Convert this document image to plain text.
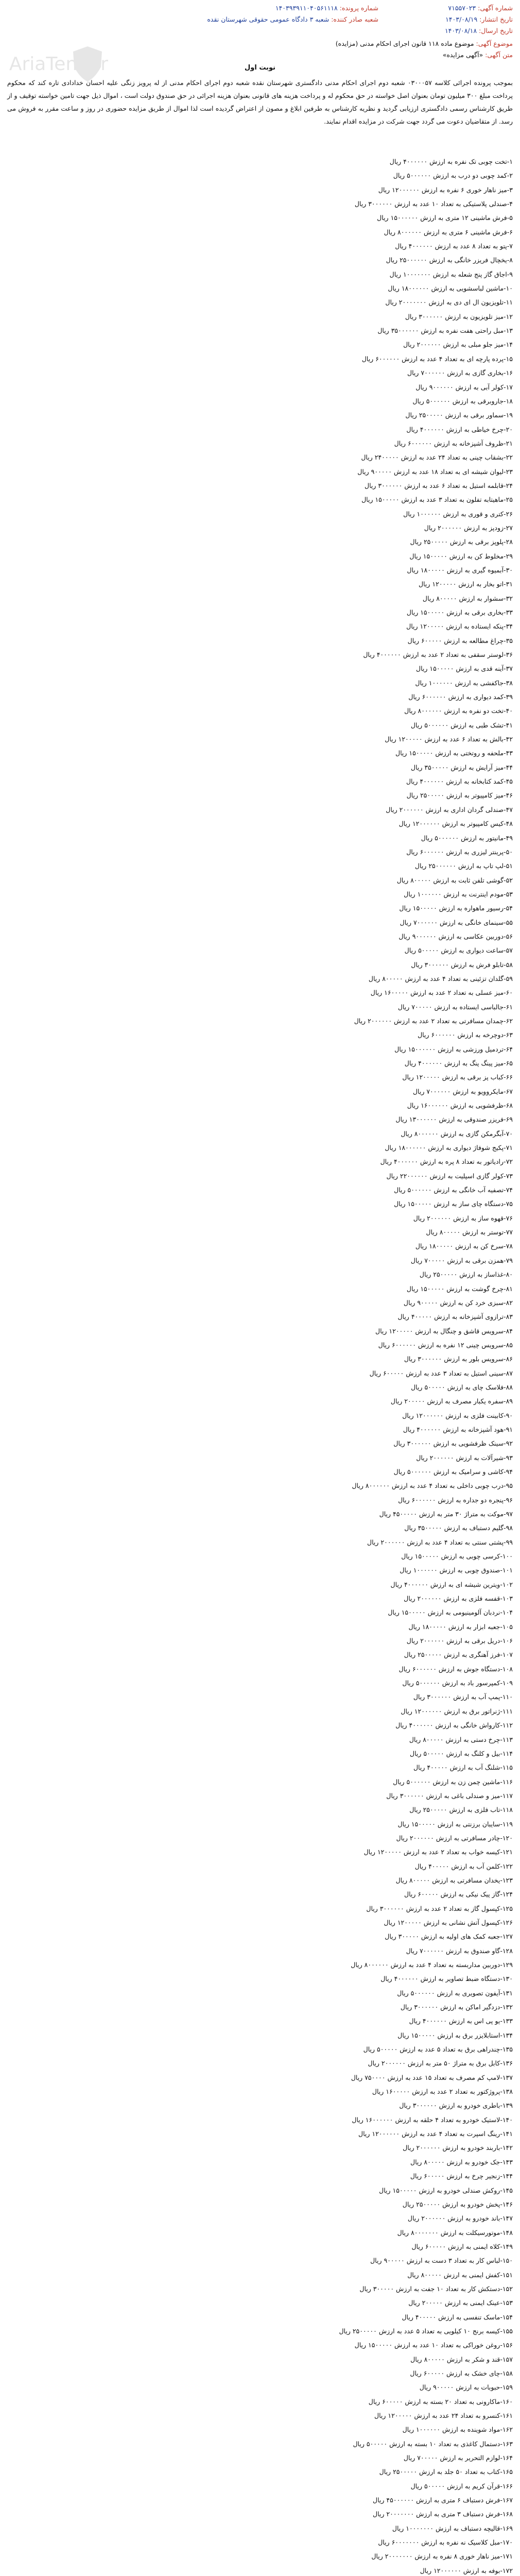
شماره آگهی: ۷۱۵۵۷۰۲۳
شماره پرونده: ۱۴۰۳۹۳۹۱۱۰۴۰۵۶۱۱۱۸
تاریخ انتشار: ۱۴۰۳/۰۸/۱۹
شعبه صادر کننده: شعبه ۳ دادگاه عمومی حقوقی شهرستان نقده
تاریخ ارسال: ۱۴۰۳/۰۸/۱۸
AriaTender
موضوع آگهی: موضوع ماده ۱۱۸ قانون اجرای احکام مدنی (مزایده)
متن آگهی: «آگهی مزایده»
نوبت اول
بموجب پرونده اجرائی کلاسه ۰۳۰۰۰۵۷ شعبه دوم اجرای احکام مدنی دادگستری شهرستان نقده شعبه دوم اجرای احکام مدنی از له پرویز زنگی علیه احسان خدادادی تاره کند که محکوم پرداخت مبلغ ۳۰۰ میلیون تومان بعنوان اصل خواسته در حق محکوم له و پرداخت هزینه های قانونی بعنوان هزینه اجرائی در حق صندوق دولت است ، اموال ذیل جهت تامین خواسته توقیف و از طریق کارشناس رسمی دادگستری ارزیابی گردید و نظریه کارشناس به طرفین ابلاغ و مصون از اعتراض گردیده است لذا اموال از طریق مزایده حضوری در روز و ساعت مقرر به فروش می رسد. از متقاضیان دعوت می گردد جهت شرکت در مزایده اقدام نمایند.
۱-تخت چوبی تک نفره به ارزش ۴۰۰۰۰۰۰ ریال
۲-کمد چوبی دو درب به ارزش ۵۰۰۰۰۰۰ ریال
۳-میز ناهار خوری ۶ نفره به ارزش ۱۲۰۰۰۰۰۰ ریال
۴-صندلی پلاستیکی به تعداد ۱۰ عدد به ارزش ۳۰۰۰۰۰۰ ریال
۵-فرش ماشینی ۱۲ متری به ارزش ۱۵۰۰۰۰۰۰ ریال
۶-فرش ماشینی ۶ متری به ارزش ۸۰۰۰۰۰۰ ریال
۷-پتو به تعداد ۸ عدد به ارزش ۴۰۰۰۰۰۰ ریال
۸-یخچال فریزر خانگی به ارزش ۲۵۰۰۰۰۰۰ ریال
۹-اجاق گاز پنج شعله به ارزش ۱۰۰۰۰۰۰۰ ریال
۱۰-ماشین لباسشویی به ارزش ۱۸۰۰۰۰۰۰ ریال
۱۱-تلویزیون ال ای دی به ارزش ۲۰۰۰۰۰۰۰ ریال
۱۲-میز تلویزیون به ارزش ۳۰۰۰۰۰۰ ریال
۱۳-مبل راحتی هفت نفره به ارزش ۳۵۰۰۰۰۰۰ ریال
۱۴-میز جلو مبلی به ارزش ۲۰۰۰۰۰۰ ریال
۱۵-پرده پارچه ای به تعداد ۴ عدد به ارزش ۶۰۰۰۰۰۰ ریال
۱۶-بخاری گازی به ارزش ۷۰۰۰۰۰۰ ریال
۱۷-کولر آبی به ارزش ۹۰۰۰۰۰۰ ریال
۱۸-جاروبرقی به ارزش ۵۰۰۰۰۰۰ ریال
۱۹-سماور برقی به ارزش ۲۵۰۰۰۰۰ ریال
۲۰-چرخ خیاطی به ارزش ۴۰۰۰۰۰۰ ریال
۲۱-ظروف آشپزخانه به ارزش ۶۰۰۰۰۰۰ ریال
۲۲-بشقاب چینی به تعداد ۲۴ عدد به ارزش ۲۴۰۰۰۰۰ ریال
۲۳-لیوان شیشه ای به تعداد ۱۸ عدد به ارزش ۹۰۰۰۰۰ ریال
۲۴-قابلمه استیل به تعداد ۶ عدد به ارزش ۳۰۰۰۰۰۰ ریال
۲۵-ماهیتابه تفلون به تعداد ۳ عدد به ارزش ۱۵۰۰۰۰۰ ریال
۲۶-کتری و قوری به ارزش ۱۰۰۰۰۰۰ ریال
۲۷-زودپز به ارزش ۲۰۰۰۰۰۰ ریال
۲۸-پلوپز برقی به ارزش ۲۵۰۰۰۰۰ ریال
۲۹-مخلوط کن به ارزش ۱۵۰۰۰۰۰ ریال
۳۰-آبمیوه گیری به ارزش ۱۸۰۰۰۰۰ ریال
۳۱-اتو بخار به ارزش ۱۲۰۰۰۰۰ ریال
۳۲-سشوار به ارزش ۸۰۰۰۰۰ ریال
۳۳-بخاری برقی به ارزش ۱۵۰۰۰۰۰ ریال
۳۴-پنکه ایستاده به ارزش ۱۲۰۰۰۰۰ ریال
۳۵-چراغ مطالعه به ارزش ۶۰۰۰۰۰ ریال
۳۶-لوستر سقفی به تعداد ۲ عدد به ارزش ۴۰۰۰۰۰۰ ریال
۳۷-آینه قدی به ارزش ۱۵۰۰۰۰۰ ریال
۳۸-جاکفشی به ارزش ۱۰۰۰۰۰۰ ریال
۳۹-کمد دیواری به ارزش ۶۰۰۰۰۰۰ ریال
۴۰-تخت دو نفره به ارزش ۸۰۰۰۰۰۰ ریال
۴۱-تشک طبی به ارزش ۵۰۰۰۰۰۰ ریال
۴۲-بالش به تعداد ۶ عدد به ارزش ۱۲۰۰۰۰۰ ریال
۴۳-ملحفه و روتختی به ارزش ۱۵۰۰۰۰۰ ریال
۴۴-میز آرایش به ارزش ۳۵۰۰۰۰۰ ریال
۴۵-کمد کتابخانه به ارزش ۴۰۰۰۰۰۰ ریال
۴۶-میز کامپیوتر به ارزش ۲۵۰۰۰۰۰ ریال
۴۷-صندلی گردان اداری به ارزش ۲۰۰۰۰۰۰ ریال
۴۸-کیس کامپیوتر به ارزش ۱۲۰۰۰۰۰۰ ریال
۴۹-مانیتور به ارزش ۵۰۰۰۰۰۰ ریال
۵۰-پرینتر لیزری به ارزش ۶۰۰۰۰۰۰ ریال
۵۱-لپ تاپ به ارزش ۲۵۰۰۰۰۰۰ ریال
۵۲-گوشی تلفن ثابت به ارزش ۸۰۰۰۰۰ ریال
۵۳-مودم اینترنت به ارزش ۱۰۰۰۰۰۰ ریال
۵۴-رسیور ماهواره به ارزش ۱۵۰۰۰۰۰ ریال
۵۵-سینمای خانگی به ارزش ۷۰۰۰۰۰۰ ریال
۵۶-دوربین عکاسی به ارزش ۹۰۰۰۰۰۰ ریال
۵۷-ساعت دیواری به ارزش ۵۰۰۰۰۰ ریال
۵۸-تابلو فرش به ارزش ۳۰۰۰۰۰۰ ریال
۵۹-گلدان تزئینی به تعداد ۴ عدد به ارزش ۸۰۰۰۰۰ ریال
۶۰-میز عسلی به تعداد ۲ عدد به ارزش ۱۶۰۰۰۰۰ ریال
۶۱-جالباسی ایستاده به ارزش ۷۰۰۰۰۰ ریال
۶۲-چمدان مسافرتی به تعداد ۲ عدد به ارزش ۲۰۰۰۰۰۰ ریال
۶۳-دوچرخه به ارزش ۶۰۰۰۰۰۰ ریال
۶۴-تردمیل ورزشی به ارزش ۱۵۰۰۰۰۰۰ ریال
۶۵-میز پینگ پنگ به ارزش ۴۰۰۰۰۰۰ ریال
۶۶-کباب پز برقی به ارزش ۱۲۰۰۰۰۰ ریال
۶۷-مایکروویو به ارزش ۷۰۰۰۰۰۰ ریال
۶۸-ظرفشویی به ارزش ۱۶۰۰۰۰۰۰ ریال
۶۹-فریزر صندوقی به ارزش ۱۳۰۰۰۰۰۰ ریال
۷۰-آبگرمکن گازی به ارزش ۸۰۰۰۰۰۰ ریال
۷۱-پکیج شوفاژ دیواری به ارزش ۱۸۰۰۰۰۰۰ ریال
۷۲-رادیاتور به تعداد ۸ پره به ارزش ۴۰۰۰۰۰۰ ریال
۷۳-کولر گازی اسپلیت به ارزش ۲۲۰۰۰۰۰۰ ریال
۷۴-تصفیه آب خانگی به ارزش ۵۰۰۰۰۰۰ ریال
۷۵-دستگاه چای ساز به ارزش ۱۵۰۰۰۰۰ ریال
۷۶-قهوه ساز به ارزش ۲۰۰۰۰۰۰ ریال
۷۷-توستر به ارزش ۸۰۰۰۰۰ ریال
۷۸-سرخ کن به ارزش ۱۸۰۰۰۰۰ ریال
۷۹-همزن برقی به ارزش ۷۰۰۰۰۰ ریال
۸۰-غذاساز به ارزش ۲۵۰۰۰۰۰ ریال
۸۱-چرخ گوشت به ارزش ۱۵۰۰۰۰۰ ریال
۸۲-سبزی خرد کن به ارزش ۹۰۰۰۰۰ ریال
۸۳-ترازوی آشپزخانه به ارزش ۴۰۰۰۰۰ ریال
۸۴-سرویس قاشق و چنگال به ارزش ۱۲۰۰۰۰۰ ریال
۸۵-سرویس چینی ۱۲ نفره به ارزش ۶۰۰۰۰۰۰ ریال
۸۶-سرویس بلور به ارزش ۳۰۰۰۰۰۰ ریال
۸۷-سینی استیل به تعداد ۳ عدد به ارزش ۶۰۰۰۰۰ ریال
۸۸-فلاسک چای به ارزش ۵۰۰۰۰۰ ریال
۸۹-سفره یکبار مصرف به ارزش ۲۰۰۰۰۰ ریال
۹۰-کابینت فلزی به ارزش ۱۲۰۰۰۰۰۰ ریال
۹۱-هود آشپزخانه به ارزش ۴۰۰۰۰۰۰ ریال
۹۲-سینک ظرفشویی به ارزش ۳۰۰۰۰۰۰ ریال
۹۳-شیرآلات به ارزش ۲۰۰۰۰۰۰ ریال
۹۴-کاشی و سرامیک به ارزش ۵۰۰۰۰۰۰ ریال
۹۵-درب چوبی داخلی به تعداد ۴ عدد به ارزش ۸۰۰۰۰۰۰ ریال
۹۶-پنجره دو جداره به ارزش ۶۰۰۰۰۰۰ ریال
۹۷-موکت به متراژ ۳۰ متر به ارزش ۴۵۰۰۰۰۰ ریال
۹۸-گلیم دستباف به ارزش ۳۵۰۰۰۰۰ ریال
۹۹-پشتی سنتی به تعداد ۴ عدد به ارزش ۲۰۰۰۰۰۰ ریال
۱۰۰-کرسی چوبی به ارزش ۱۵۰۰۰۰۰ ریال
۱۰۱-صندوق چوبی به ارزش ۱۰۰۰۰۰۰ ریال
۱۰۲-ویترین شیشه ای به ارزش ۴۰۰۰۰۰۰ ریال
۱۰۳-قفسه فلزی به ارزش ۲۰۰۰۰۰۰ ریال
۱۰۴-نردبان آلومینیومی به ارزش ۱۵۰۰۰۰۰ ریال
۱۰۵-جعبه ابزار به ارزش ۱۸۰۰۰۰۰ ریال
۱۰۶-دریل برقی به ارزش ۲۰۰۰۰۰۰ ریال
۱۰۷-فرز آهنگری به ارزش ۲۵۰۰۰۰۰ ریال
۱۰۸-دستگاه جوش به ارزش ۶۰۰۰۰۰۰ ریال
۱۰۹-کمپرسور باد به ارزش ۵۰۰۰۰۰۰ ریال
۱۱۰-پمپ آب به ارزش ۳۰۰۰۰۰۰ ریال
۱۱۱-ژنراتور برق به ارزش ۱۲۰۰۰۰۰۰ ریال
۱۱۲-کارواش خانگی به ارزش ۴۰۰۰۰۰۰ ریال
۱۱۳-چرخ دستی به ارزش ۸۰۰۰۰۰ ریال
۱۱۴-بیل و کلنگ به ارزش ۵۰۰۰۰۰ ریال
۱۱۵-شلنگ آب به ارزش ۴۰۰۰۰۰ ریال
۱۱۶-ماشین چمن زن به ارزش ۵۰۰۰۰۰۰ ریال
۱۱۷-میز و صندلی باغی به ارزش ۳۰۰۰۰۰۰ ریال
۱۱۸-تاب فلزی به ارزش ۲۵۰۰۰۰۰ ریال
۱۱۹-سایبان برزنتی به ارزش ۱۵۰۰۰۰۰ ریال
۱۲۰-چادر مسافرتی به ارزش ۲۰۰۰۰۰۰ ریال
۱۲۱-کیسه خواب به تعداد ۲ عدد به ارزش ۱۲۰۰۰۰۰ ریال
۱۲۲-کلمن آب به ارزش ۴۰۰۰۰۰ ریال
۱۲۳-یخدان مسافرتی به ارزش ۸۰۰۰۰۰ ریال
۱۲۴-گاز پیک نیکی به ارزش ۶۰۰۰۰۰ ریال
۱۲۵-کپسول گاز به تعداد ۲ عدد به ارزش ۳۰۰۰۰۰۰ ریال
۱۲۶-کپسول آتش نشانی به ارزش ۱۲۰۰۰۰۰ ریال
۱۲۷-جعبه کمک های اولیه به ارزش ۳۰۰۰۰۰ ریال
۱۲۸-گاو صندوق به ارزش ۷۰۰۰۰۰۰ ریال
۱۲۹-دوربین مداربسته به تعداد ۴ عدد به ارزش ۸۰۰۰۰۰۰ ریال
۱۳۰-دستگاه ضبط تصاویر به ارزش ۴۰۰۰۰۰۰ ریال
۱۳۱-آیفون تصویری به ارزش ۵۰۰۰۰۰۰ ریال
۱۳۲-دزدگیر اماکن به ارزش ۳۰۰۰۰۰۰ ریال
۱۳۳-یو پی اس به ارزش ۴۰۰۰۰۰۰ ریال
۱۳۴-استابلایزر برق به ارزش ۱۵۰۰۰۰۰ ریال
۱۳۵-چندراهی برق به تعداد ۵ عدد به ارزش ۵۰۰۰۰۰ ریال
۱۳۶-کابل برق به متراژ ۵۰ متر به ارزش ۲۰۰۰۰۰۰ ریال
۱۳۷-لامپ کم مصرف به تعداد ۱۵ عدد به ارزش ۷۵۰۰۰۰ ریال
۱۳۸-پروژکتور به تعداد ۲ عدد به ارزش ۱۶۰۰۰۰۰ ریال
۱۳۹-باطری خودرو به ارزش ۳۰۰۰۰۰۰ ریال
۱۴۰-لاستیک خودرو به تعداد ۴ حلقه به ارزش ۱۶۰۰۰۰۰۰ ریال
۱۴۱-رینگ اسپرت به تعداد ۴ عدد به ارزش ۱۲۰۰۰۰۰۰ ریال
۱۴۲-باربند خودرو به ارزش ۲۰۰۰۰۰۰ ریال
۱۴۳-جک خودرو به ارزش ۸۰۰۰۰۰ ریال
۱۴۴-زنجیر چرخ به ارزش ۶۰۰۰۰۰ ریال
۱۴۵-روکش صندلی خودرو به ارزش ۱۵۰۰۰۰۰ ریال
۱۴۶-پخش خودرو به ارزش ۲۵۰۰۰۰۰ ریال
۱۴۷-باند خودرو به ارزش ۲۰۰۰۰۰۰ ریال
۱۴۸-موتورسیکلت به ارزش ۸۰۰۰۰۰۰۰ ریال
۱۴۹-کلاه ایمنی به ارزش ۶۰۰۰۰۰ ریال
۱۵۰-لباس کار به تعداد ۳ دست به ارزش ۹۰۰۰۰۰ ریال
۱۵۱-کفش ایمنی به ارزش ۸۰۰۰۰۰ ریال
۱۵۲-دستکش کار به تعداد ۱۰ جفت به ارزش ۳۰۰۰۰۰ ریال
۱۵۳-عینک ایمنی به ارزش ۲۰۰۰۰۰ ریال
۱۵۴-ماسک تنفسی به ارزش ۴۰۰۰۰۰ ریال
۱۵۵-کیسه برنج ۱۰ کیلویی به تعداد ۵ عدد به ارزش ۲۵۰۰۰۰۰ ریال
۱۵۶-روغن خوراکی به تعداد ۱۰ عدد به ارزش ۱۵۰۰۰۰۰ ریال
۱۵۷-قند و شکر به ارزش ۸۰۰۰۰۰ ریال
۱۵۸-چای خشک به ارزش ۶۰۰۰۰۰ ریال
۱۵۹-حبوبات به ارزش ۹۰۰۰۰۰ ریال
۱۶۰-ماکارونی به تعداد ۲۰ بسته به ارزش ۶۰۰۰۰۰ ریال
۱۶۱-کنسرو به تعداد ۲۴ عدد به ارزش ۱۲۰۰۰۰۰ ریال
۱۶۲-مواد شوینده به ارزش ۱۰۰۰۰۰۰ ریال
۱۶۳-دستمال کاغذی به تعداد ۱۰ بسته به ارزش ۵۰۰۰۰۰ ریال
۱۶۴-لوازم التحریر به ارزش ۷۰۰۰۰۰ ریال
۱۶۵-کتاب به تعداد ۵۰ جلد به ارزش ۲۵۰۰۰۰۰ ریال
۱۶۶-قرآن کریم به ارزش ۵۰۰۰۰۰ ریال
۱۶۷-فرش دستباف ۶ متری به ارزش ۴۵۰۰۰۰۰۰ ریال
۱۶۸-فرش دستباف ۳ متری به ارزش ۲۰۰۰۰۰۰۰ ریال
۱۶۹-قالیچه دستباف به ارزش ۱۰۰۰۰۰۰۰ ریال
۱۷۰-مبل کلاسیک نه نفره به ارزش ۶۰۰۰۰۰۰۰ ریال
۱۷۱-میز ناهار خوری ۸ نفره به ارزش ۲۰۰۰۰۰۰۰ ریال
۱۷۲-بوفه به ارزش ۱۲۰۰۰۰۰۰ ریال
